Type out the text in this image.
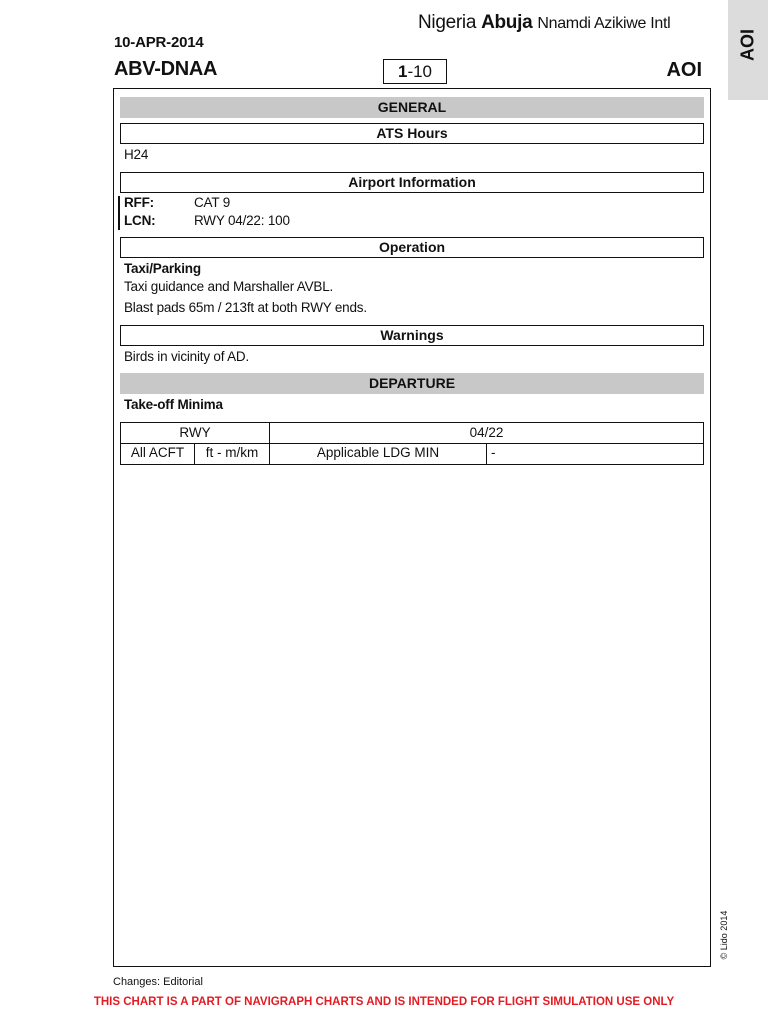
Nigeria Abuja Nnamdi Azikiwe Intl
10-APR-2014
ABV-DNAA	1-10	AOI
AOI
GENERAL
ATS Hours
H24
Airport Information
RFF:	CAT 9
LCN:	RWY 04/22: 100
Operation
Taxi/Parking
Taxi guidance and Marshaller AVBL.
Blast pads 65m / 213ft at both RWY ends.
Warnings
Birds in vicinity of AD.
DEPARTURE
Take-off Minima
RWY	04/22
All ACFT	ft - m/km	Applicable LDG MIN	-
Changes: Editorial
© Lido 2014
THIS CHART IS A PART OF NAVIGRAPH CHARTS AND IS INTENDED FOR FLIGHT SIMULATION USE ONLY
